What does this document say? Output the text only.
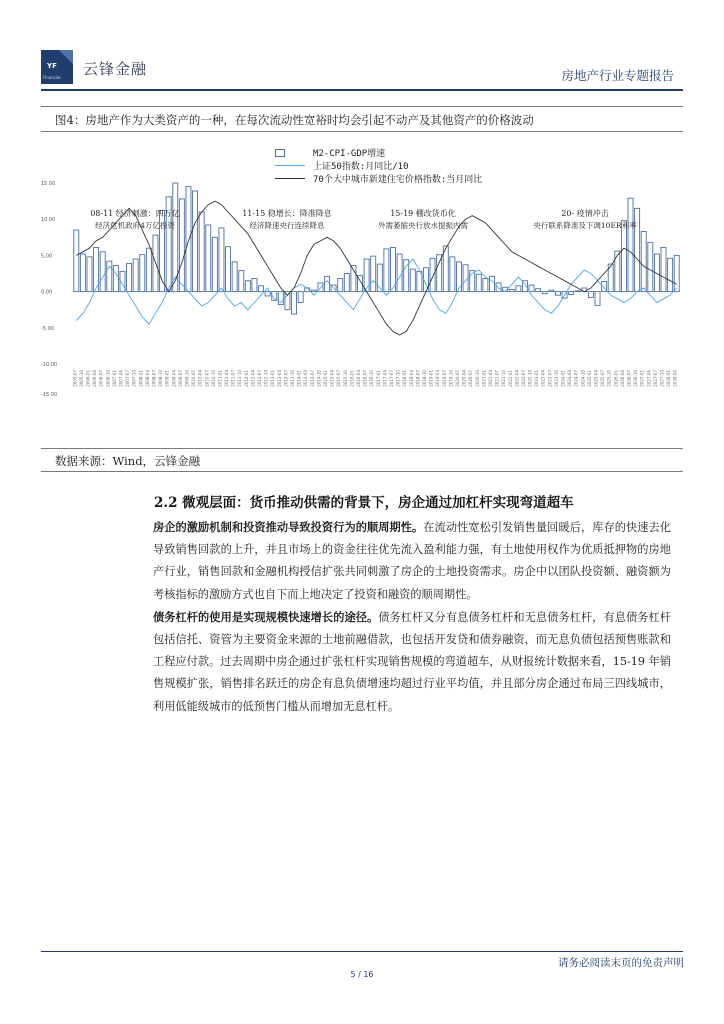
YF
Financial 云锋金融	房地产行业专题报告
图4：房地产作为大类资产的一种，在每次流动性宽裕时均会引起不动产及其他资产的价格波动
15.00
10.00
5.00
0.00
-5.00
-10.00
-15.00
08-11 经济刺激：四万亿
经济危机政府4万亿投资
11-15 稳增长：降准降息
经济降速央行连续降息
15-19 棚改货币化
外需萎缩央行放水提振内需
20- 疫情冲击
央行联系降准及下调10ER利率
2005-07 2005-10 2006-01 2006-04 2006-07 2006-10 2007-01 2007-04 2007-07 2007-10 2008-01 2008-04 2008-07 2008-10 2009-01 2009-04 2009-07 2009-10 2010-01 2010-04 2010-07 2010-10 2011-01 2011-04 2011-07 2011-10 2012-01 2012-04 2012-07 2012-10 2013-01 2013-04 2013-07 2013-10 2014-01 2014-04 2014-07 2014-10 2015-01 2015-04 2015-07 2015-10 2016-01 2016-04 2016-07 2016-10 2017-01 2017-04 2017-07 2017-10 2018-01 2018-04 2018-07 2018-10 2019-01 2019-04 2019-07 2019-10 2020-01 2020-04 2020-07 2020-10 2021-01 2021-04 2021-07 2021-10 2022-01 2022-04 2022-07 2022-10 2023-01 2023-04 2023-07 2023-10 2024-01 2024-04 2024-07 2024-10 2025-01 2025-04 2025-07 2025-10 2026-01 2026-04 2026-07 2026-10 2027-01 2027-04 2027-07 2027-10 2028-01 2028-04
M2-CPI-GDP增速
上证50指数:月同比/10
70个大中城市新建住宅价格指数:当月同比
数据来源：Wind，云锋金融
2.2 微观层面：货币推动供需的背景下，房企通过加杠杆实现弯道超车

房企的激励机制和投资推动导致投资行为的顺周期性。在流动性宽松引发销售量回暖后，库存的快速去化导致销售回款的上升，并且市场上的资金往往优先流入盈利能力强，有土地使用权作为优质抵押物的房地产行业，销售回款和金融机构授信扩张共同刺激了房企的土地投资需求。房企中以团队投资额、融资额为考核指标的激励方式也自下而上地决定了投资和融资的顺周期性。

债务杠杆的使用是实现规模快速增长的途径。债务杠杆又分有息债务杠杆和无息债务杠杆，有息债务杠杆包括信托、资管为主要资金来源的土地前融借款，也包括开发贷和债券融资，而无息负债包括预售账款和工程应付款。过去周期中房企通过扩张杠杆实现销售规模的弯道超车，从财报统计数据来看，15-19 年销售规模扩张，销售排名跃迁的房企有息负债增速均超过行业平均值，并且部分房企通过布局三四线城市，利用低能级城市的低预售门槛从而增加无息杠杆。

请务必阅读末页的免责声明
5 / 16
